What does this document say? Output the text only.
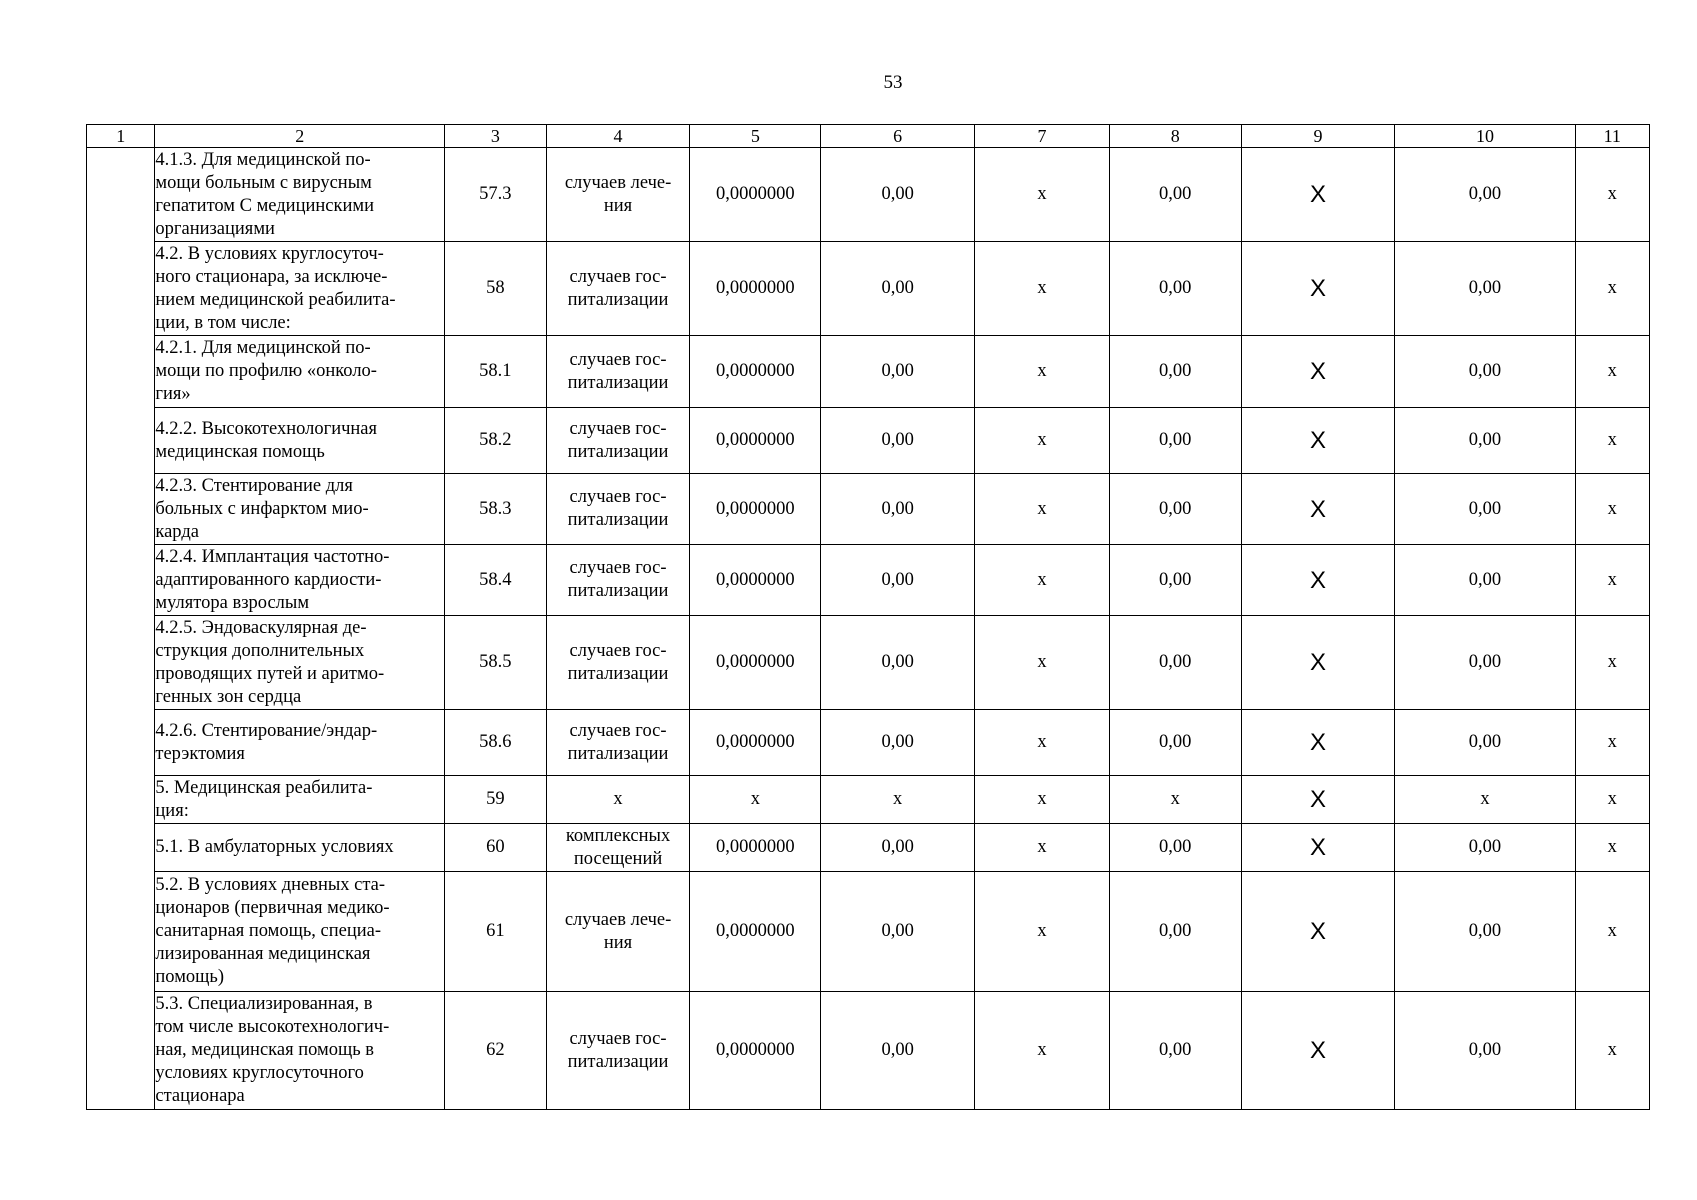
53
1	2	3	4	5	6	7	8	9	10	11
	4.1.3. Для медицинской по-
мощи больным с вирусным
гепатитом С медицинскими
организациями	57.3	случаев лече-
ния	0,0000000	0,00	x	0,00	X	0,00	x
	4.2. В условиях круглосуточ-
ного стационара, за исключе-
нием медицинской реабилита-
ции, в том числе:	58	случаев гос-
питализации	0,0000000	0,00	x	0,00	X	0,00	x
	4.2.1. Для медицинской по-
мощи по профилю «онколо-
гия»	58.1	случаев гос-
питализации	0,0000000	0,00	x	0,00	X	0,00	x
	4.2.2. Высокотехнологичная
медицинская помощь	58.2	случаев гос-
питализации	0,0000000	0,00	x	0,00	X	0,00	x
	4.2.3. Стентирование для
больных с инфарктом мио-
карда	58.3	случаев гос-
питализации	0,0000000	0,00	x	0,00	X	0,00	x
	4.2.4. Имплантация частотно-
адаптированного кардиости-
мулятора взрослым	58.4	случаев гос-
питализации	0,0000000	0,00	x	0,00	X	0,00	x
	4.2.5. Эндоваскулярная де-
струкция дополнительных
проводящих путей и аритмо-
генных зон сердца	58.5	случаев гос-
питализации	0,0000000	0,00	x	0,00	X	0,00	x
	4.2.6. Стентирование/эндар-
терэктомия	58.6	случаев гос-
питализации	0,0000000	0,00	x	0,00	X	0,00	x
	5. Медицинская реабилита-
ция:	59	x	x	x	x	x	X	x	x
	5.1. В амбулаторных условиях	60	комплексных
посещений	0,0000000	0,00	x	0,00	X	0,00	x
	5.2. В условиях дневных ста-
ционаров (первичная медико-
санитарная помощь, специа-
лизированная медицинская
помощь)	61	случаев лече-
ния	0,0000000	0,00	x	0,00	X	0,00	x
	5.3. Специализированная, в
том числе высокотехнологич-
ная, медицинская помощь в
условиях круглосуточного
стационара	62	случаев гос-
питализации	0,0000000	0,00	x	0,00	X	0,00	x
